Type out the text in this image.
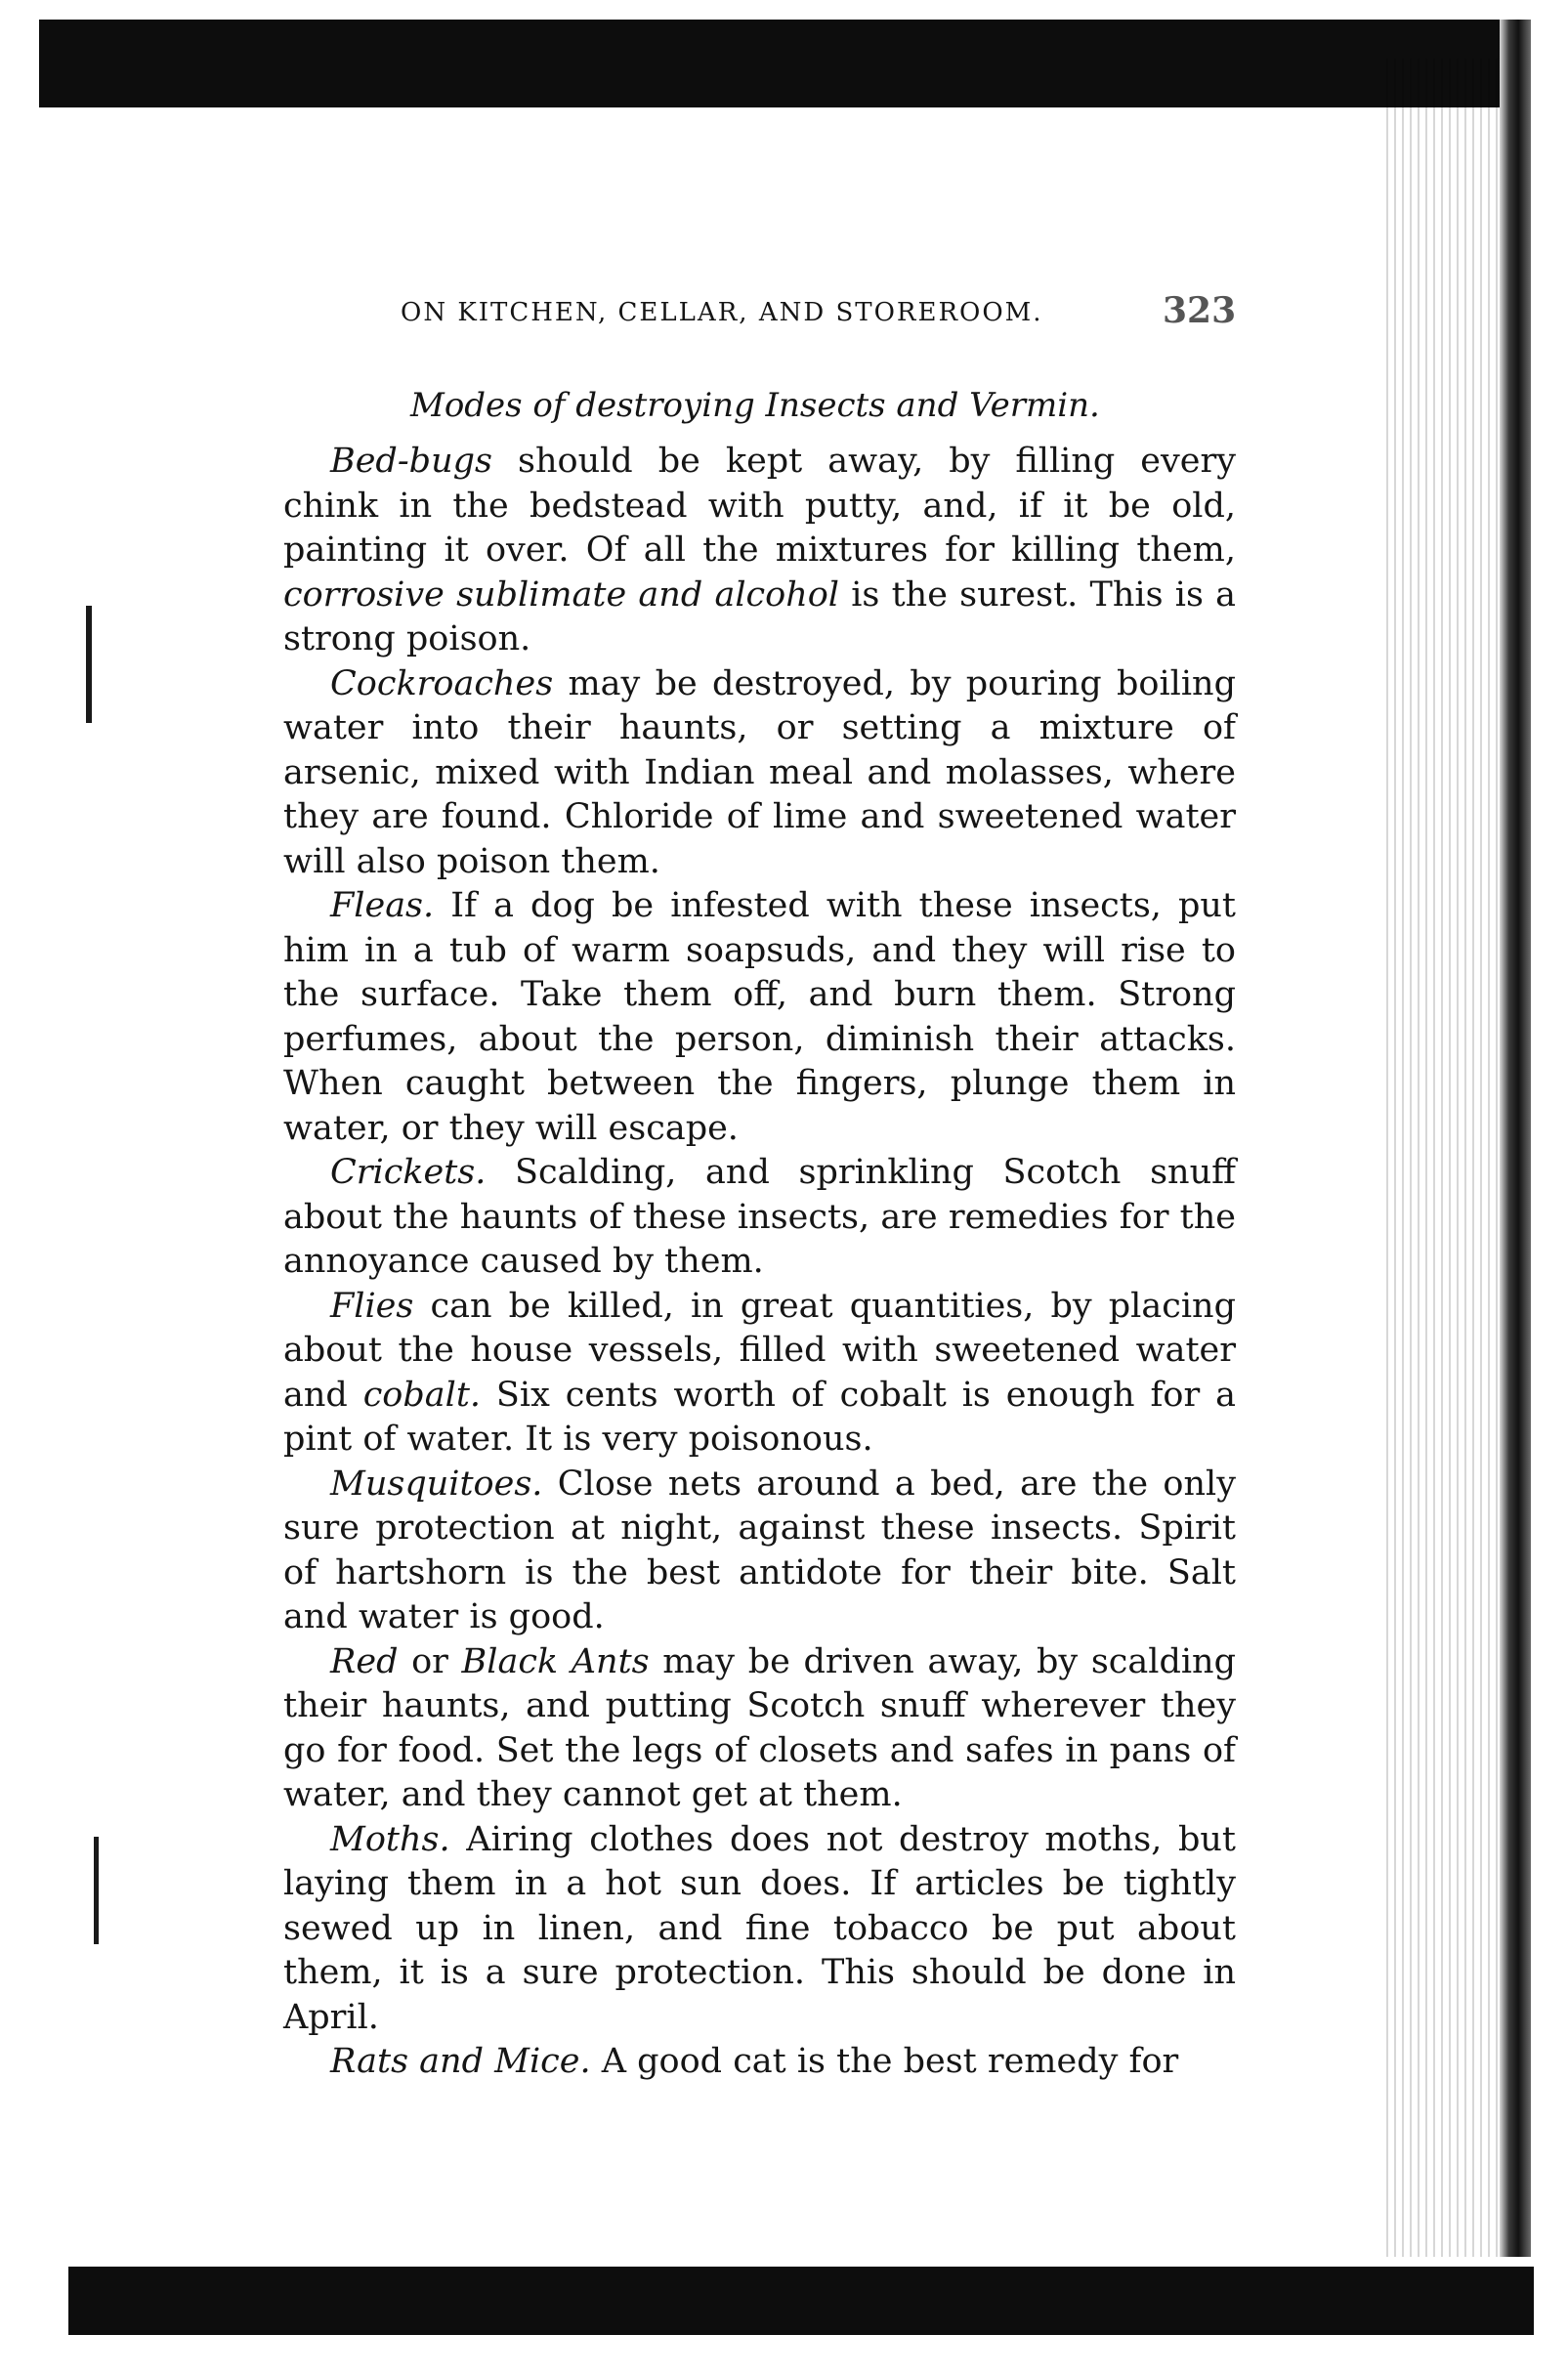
ON KITCHEN, CELLAR, AND STOREROOM.	323
Modes of destroying Insects and Vermin.

Bed-bugs should be kept away, by filling every chink in the bedstead with putty, and, if it be old, painting it over. Of all the mixtures for killing them, corrosive sublimate and alcohol is the surest. This is a strong poison.

Cockroaches may be destroyed, by pouring boiling water into their haunts, or setting a mixture of arsenic, mixed with Indian meal and molasses, where they are found. Chloride of lime and sweetened water will also poison them.

Fleas. If a dog be infested with these insects, put him in a tub of warm soapsuds, and they will rise to the surface. Take them off, and burn them. Strong perfumes, about the person, diminish their attacks. When caught between the fingers, plunge them in water, or they will escape.

Crickets. Scalding, and sprinkling Scotch snuff about the haunts of these insects, are remedies for the annoyance caused by them.

Flies can be killed, in great quantities, by placing about the house vessels, filled with sweetened water and cobalt. Six cents worth of cobalt is enough for a pint of water. It is very poisonous.

Musquitoes. Close nets around a bed, are the only sure protection at night, against these insects. Spirit of hartshorn is the best antidote for their bite. Salt and water is good.

Red or Black Ants may be driven away, by scalding their haunts, and putting Scotch snuff wherever they go for food. Set the legs of closets and safes in pans of water, and they cannot get at them.

Moths. Airing clothes does not destroy moths, but laying them in a hot sun does. If articles be tightly sewed up in linen, and fine tobacco be put about them, it is a sure protection. This should be done in April.

Rats and Mice. A good cat is the best remedy for
